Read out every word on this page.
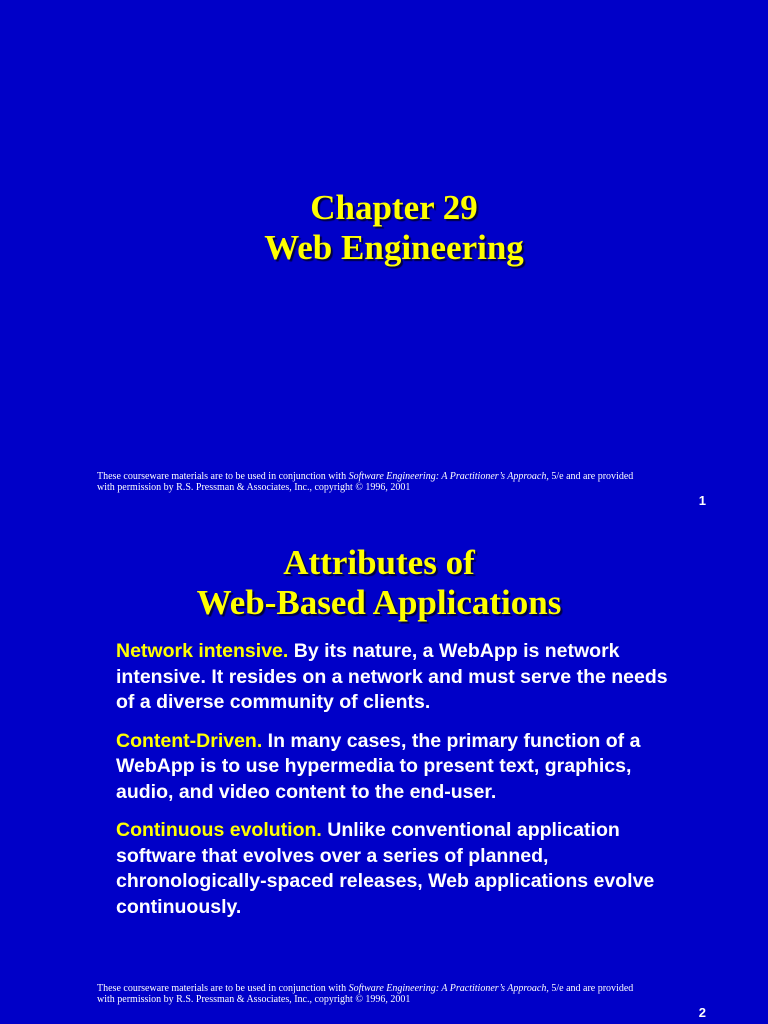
Chapter 29
Web Engineering
These courseware materials are to be used in conjunction with Software Engineering: A Practitioner’s Approach, 5/e and are provided
with permission by R.S. Pressman & Associates, Inc., copyright © 1996, 2001
1
Attributes of
Web-Based Applications

Network intensive. By its nature, a WebApp is network intensive. It resides on a network and must serve the needs of a diverse community of clients.

Content-Driven. In many cases, the primary function of a WebApp is to use hypermedia to present text, graphics, audio, and video content to the end-user.

Continuous evolution. Unlike conventional application software that evolves over a series of planned, chronologically-spaced releases, Web applications evolve continuously.

These courseware materials are to be used in conjunction with Software Engineering: A Practitioner’s Approach, 5/e and are provided
with permission by R.S. Pressman & Associates, Inc., copyright © 1996, 2001
2
